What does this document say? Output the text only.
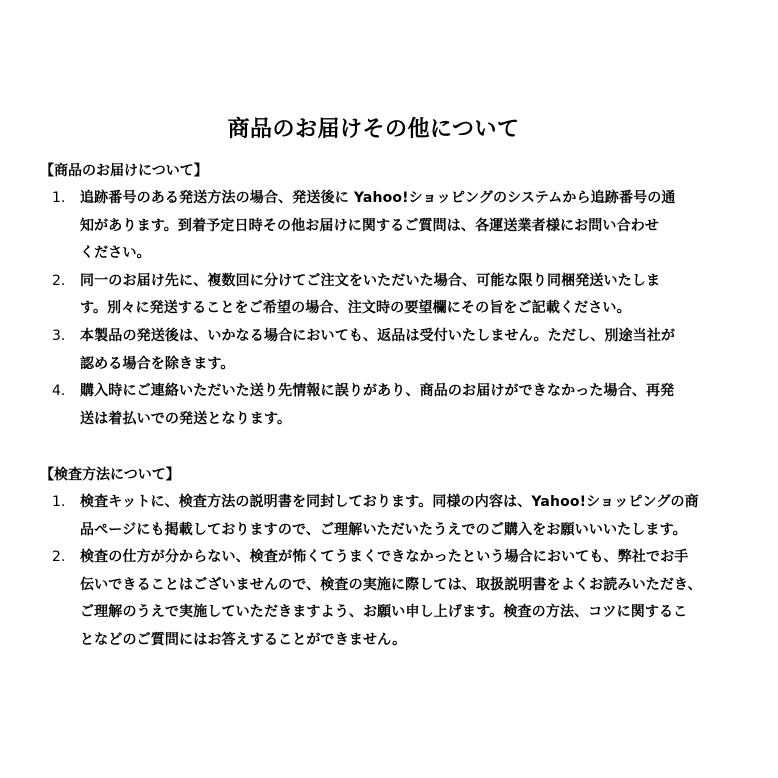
商品のお届けその他について
【商品のお届けについて】
1. 追跡番号のある発送方法の場合、発送後に Yahoo!ショッピングのシステムから追跡番号の通
知があります。到着予定日時その他お届けに関するご質問は、各運送業者様にお問い合わせ
ください。
2. 同一のお届け先に、複数回に分けてご注文をいただいた場合、可能な限り同梱発送いたしま
す。別々に発送することをご希望の場合、注文時の要望欄にその旨をご記載ください。
3. 本製品の発送後は、いかなる場合においても、返品は受付いたしません。ただし、別途当社が
認める場合を除きます。
4. 購入時にご連絡いただいた送り先情報に誤りがあり、商品のお届けができなかった場合、再発
送は着払いでの発送となります。
【検査方法について】
1. 検査キットに、検査方法の説明書を同封しております。同様の内容は、Yahoo!ショッピングの商
品ページにも掲載しておりますので、ご理解いただいたうえでのご購入をお願いいいたします。
2. 検査の仕方が分からない、検査が怖くてうまくできなかったという場合においても、弊社でお手
伝いできることはございませんので、検査の実施に際しては、取扱説明書をよくお読みいただき、
ご理解のうえで実施していただきますよう、お願い申し上げます。検査の方法、コツに関するこ
となどのご質問にはお答えすることができません。
